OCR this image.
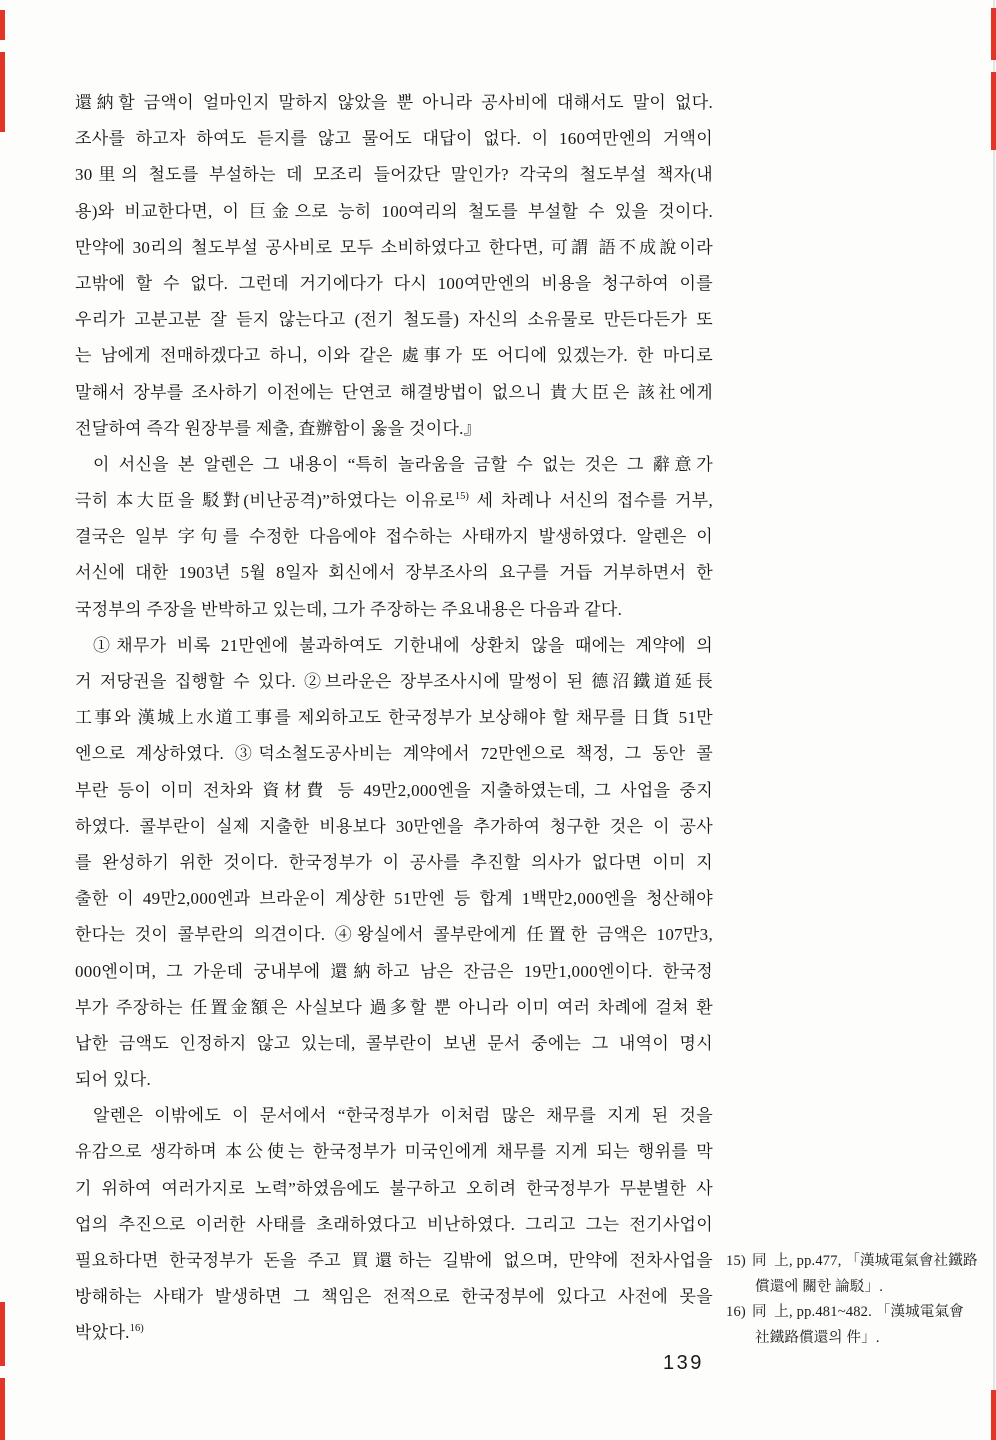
還納할 금액이 얼마인지 말하지 않았을 뿐 아니라 공사비에 대해서도 말이 없다.
조사를 하고자 하여도 듣지를 않고 물어도 대답이 없다. 이 160여만엔의 거액이
30里의 철도를 부설하는 데 모조리 들어갔단 말인가? 각국의 철도부설 책자(내
용)와 비교한다면, 이 巨金으로 능히 100여리의 철도를 부설할 수 있을 것이다.
만약에 30리의 철도부설 공사비로 모두 소비하였다고 한다면, 可謂 語不成說이라
고밖에 할 수 없다. 그런데 거기에다가 다시 100여만엔의 비용을 청구하여 이를
우리가 고분고분 잘 듣지 않는다고 (전기 철도를) 자신의 소유물로 만든다든가 또
는 남에게 전매하겠다고 하니, 이와 같은 處事가 또 어디에 있겠는가. 한 마디로
말해서 장부를 조사하기 이전에는 단연코 해결방법이 없으니 貴大臣은 該社에게
전달하여 즉각 원장부를 제출, 査辦함이 옳을 것이다.』
이 서신을 본 알렌은 그 내용이 “특히 놀라움을 금할 수 없는 것은 그 辭意가
극히 本大臣을 駁對(비난공격)”하였다는 이유로$^{15)}$ 세 차례나 서신의 접수를 거부,
결국은 일부 字句를 수정한 다음에야 접수하는 사태까지 발생하였다. 알렌은 이
서신에 대한 1903년 5월 8일자 회신에서 장부조사의 요구를 거듭 거부하면서 한
국정부의 주장을 반박하고 있는데, 그가 주장하는 주요내용은 다음과 같다.
①채무가 비록 21만엔에 불과하여도 기한내에 상환치 않을 때에는 계약에 의
거 저당권을 집행할 수 있다. ②브라운은 장부조사시에 말썽이 된 德沼鐵道延長
工事와 漢城上水道工事를 제외하고도 한국정부가 보상해야 할 채무를 日貨 51만
엔으로 계상하였다. ③덕소철도공사비는 계약에서 72만엔으로 책정, 그 동안 콜
부란 등이 이미 전차와 資材費 등 49만2,000엔을 지출하였는데, 그 사업을 중지
하였다. 콜부란이 실제 지출한 비용보다 30만엔을 추가하여 청구한 것은 이 공사
를 완성하기 위한 것이다. 한국정부가 이 공사를 추진할 의사가 없다면 이미 지
출한 이 49만2,000엔과 브라운이 계상한 51만엔 등 합계 1백만2,000엔을 청산해야
한다는 것이 콜부란의 의견이다. ④왕실에서 콜부란에게 任置한 금액은 107만3,
000엔이며, 그 가운데 궁내부에 還納하고 남은 잔금은 19만1,000엔이다. 한국정
부가 주장하는 任置金額은 사실보다 過多할 뿐 아니라 이미 여러 차례에 걸쳐 환
납한 금액도 인정하지 않고 있는데, 콜부란이 보낸 문서 중에는 그 내역이 명시
되어 있다.
알렌은 이밖에도 이 문서에서 “한국정부가 이처럼 많은 채무를 지게 된 것을
유감으로 생각하며 本公使는 한국정부가 미국인에게 채무를 지게 되는 행위를 막
기 위하여 여러가지로 노력”하였음에도 불구하고 오히려 한국정부가 무분별한 사
업의 추진으로 이러한 사태를 초래하였다고 비난하였다. 그리고 그는 전기사업이
필요하다면 한국정부가 돈을 주고 買還하는 길밖에 없으며, 만약에 전차사업을
방해하는 사태가 발생하면 그 책임은 전적으로 한국정부에 있다고 사전에 못을
박았다.$^{16)}$
15) 同  上, pp.477, 「漢城電氣會社鐵路
償還에 關한 論駁」.
16) 同  上, pp.481~482. 「漢城電氣會
社鐵路償還의 件」.
139
